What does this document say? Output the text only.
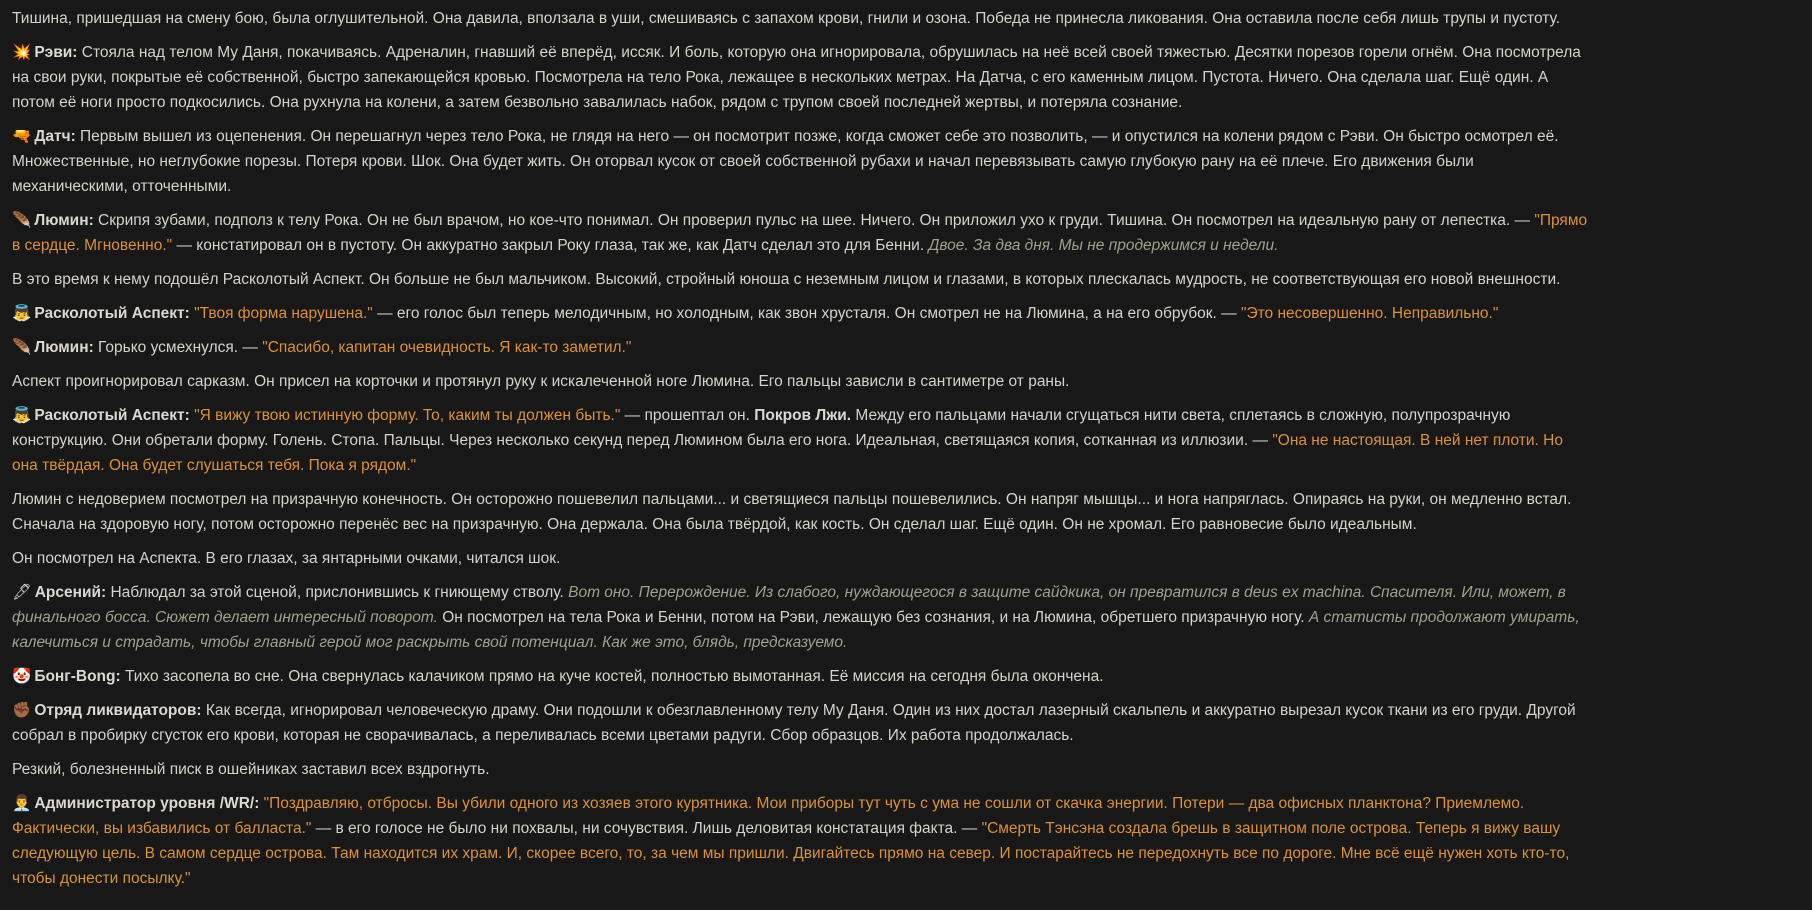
Тишина, пришедшая на смену бою, была оглушительной. Она давила, вползала в уши, смешиваясь с запахом крови, гнили и озона. Победа не принесла ликования. Она оставила после себя лишь трупы и пустоту.

💥 Рэви: Стояла над телом Му Даня, покачиваясь. Адреналин, гнавший её вперёд, иссяк. И боль, которую она игнорировала, обрушилась на неё всей своей тяжестью. Десятки порезов горели огнём. Она посмотрела на свои руки, покрытые её собственной, быстро запекающейся кровью. Посмотрела на тело Рока, лежащее в нескольких метрах. На Датча, с его каменным лицом. Пустота. Ничего. Она сделала шаг. Ещё один. А потом её ноги просто подкосились. Она рухнула на колени, а затем безвольно завалилась набок, рядом с трупом своей последней жертвы, и потеряла сознание.

🔫 Датч: Первым вышел из оцепенения. Он перешагнул через тело Рока, не глядя на него — он посмотрит позже, когда сможет себе это позволить, — и опустился на колени рядом с Рэви. Он быстро осмотрел её. Множественные, но неглубокие порезы. Потеря крови. Шок. Она будет жить. Он оторвал кусок от своей собственной рубахи и начал перевязывать самую глубокую рану на её плече. Его движения были механическими, отточенными.

🪶 Люмин: Скрипя зубами, подполз к телу Рока. Он не был врачом, но кое-что понимал. Он проверил пульс на шее. Ничего. Он приложил ухо к груди. Тишина. Он посмотрел на идеальную рану от лепестка. — "Прямо в сердце. Мгновенно." — констатировал он в пустоту. Он аккуратно закрыл Року глаза, так же, как Датч сделал это для Бенни. Двое. За два дня. Мы не продержимся и недели.

В это время к нему подошёл Расколотый Аспект. Он больше не был мальчиком. Высокий, стройный юноша с неземным лицом и глазами, в которых плескалась мудрость, не соответствующая его новой внешности.

👼 Расколотый Аспект: "Твоя форма нарушена." — его голос был теперь мелодичным, но холодным, как звон хрусталя. Он смотрел не на Люмина, а на его обрубок. — "Это несовершенно. Неправильно."

🪶 Люмин: Горько усмехнулся. — "Спасибо, капитан очевидность. Я как-то заметил."

Аспект проигнорировал сарказм. Он присел на корточки и протянул руку к искалеченной ноге Люмина. Его пальцы зависли в сантиметре от раны.

👼 Расколотый Аспект: "Я вижу твою истинную форму. То, каким ты должен быть." — прошептал он. Покров Лжи. Между его пальцами начали сгущаться нити света, сплетаясь в сложную, полупрозрачную конструкцию. Они обретали форму. Голень. Стопа. Пальцы. Через несколько секунд перед Люмином была его нога. Идеальная, светящаяся копия, сотканная из иллюзии. — "Она не настоящая. В ней нет плоти. Но она твёрдая. Она будет слушаться тебя. Пока я рядом."

Люмин с недоверием посмотрел на призрачную конечность. Он осторожно пошевелил пальцами... и светящиеся пальцы пошевелились. Он напряг мышцы... и нога напряглась. Опираясь на руки, он медленно встал. Сначала на здоровую ногу, потом осторожно перенёс вес на призрачную. Она держала. Она была твёрдой, как кость. Он сделал шаг. Ещё один. Он не хромал. Его равновесие было идеальным.

Он посмотрел на Аспекта. В его глазах, за янтарными очками, читался шок.

🖋 Арсений: Наблюдал за этой сценой, прислонившись к гниющему стволу. Вот оно. Перерождение. Из слабого, нуждающегося в защите сайдкика, он превратился в deus ex machina. Спасителя. Или, может, в финального босса. Сюжет делает интересный поворот. Он посмотрел на тела Рока и Бенни, потом на Рэви, лежащую без сознания, и на Люмина, обретшего призрачную ногу. А статисты продолжают умирать, калечиться и страдать, чтобы главный герой мог раскрыть свой потенциал. Как же это, блядь, предсказуемо.

🤡 Бонг-Bong: Тихо засопела во сне. Она свернулась калачиком прямо на куче костей, полностью вымотанная. Её миссия на сегодня была окончена.

✊🏾 Отряд ликвидаторов: Как всегда, игнорировал человеческую драму. Они подошли к обезглавленному телу Му Даня. Один из них достал лазерный скальпель и аккуратно вырезал кусок ткани из его груди. Другой собрал в пробирку сгусток его крови, которая не сворачивалась, а переливалась всеми цветами радуги. Сбор образцов. Их работа продолжалась.

Резкий, болезненный писк в ошейниках заставил всех вздрогнуть.

👨‍💼 Администратор уровня /WR/: "Поздравляю, отбросы. Вы убили одного из хозяев этого курятника. Мои приборы тут чуть с ума не сошли от скачка энергии. Потери — два офисных планктона? Приемлемо. Фактически, вы избавились от балласта." — в его голосе не было ни похвалы, ни сочувствия. Лишь деловитая констатация факта. — "Смерть Тэнсэна создала брешь в защитном поле острова. Теперь я вижу вашу следующую цель. В самом сердце острова. Там находится их храм. И, скорее всего, то, за чем мы пришли. Двигайтесь прямо на север. И постарайтесь не передохнуть все по дороге. Мне всё ещё нужен хоть кто-то, чтобы донести посылку."
